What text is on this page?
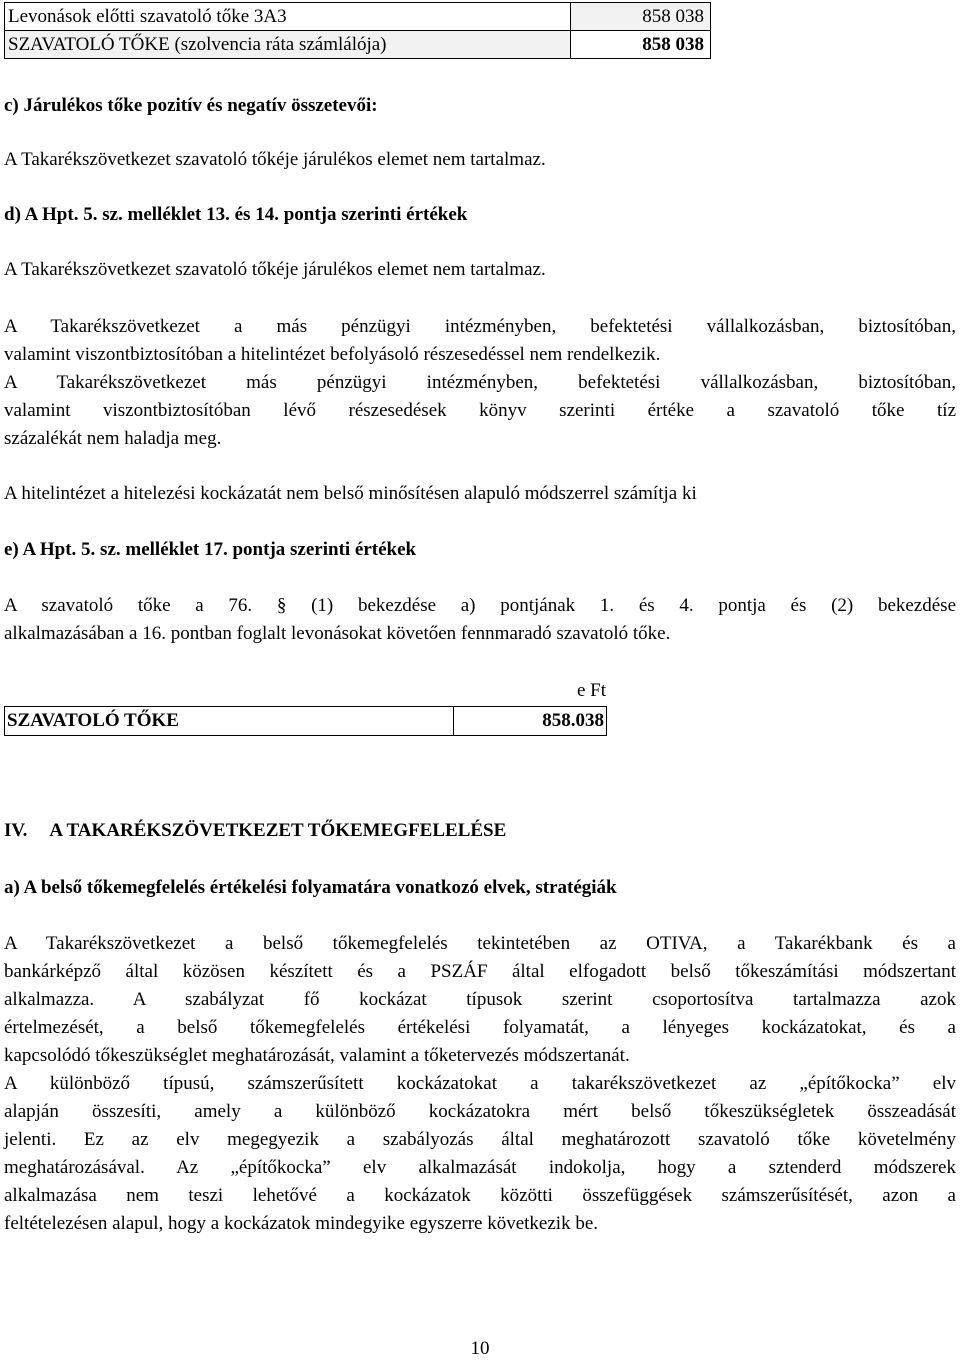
Levonások előtti szavatoló tőke 3A3	858 038
SZAVATOLÓ TŐKE (szolvencia ráta számlálója)	858 038
c) Járulékos tőke pozitív és negatív összetevői:
A Takarékszövetkezet szavatoló tőkéje járulékos elemet nem tartalmaz.
d) A Hpt. 5. sz. melléklet 13. és 14. pontja szerinti értékek
A Takarékszövetkezet szavatoló tőkéje járulékos elemet nem tartalmaz.
A Takarékszövetkezet a más pénzügyi intézményben, befektetési vállalkozásban, biztosítóban,
valamint viszontbiztosítóban a hitelintézet befolyásoló részesedéssel nem rendelkezik.
A Takarékszövetkezet más pénzügyi intézményben, befektetési vállalkozásban, biztosítóban,
valamint viszontbiztosítóban lévő részesedések könyv szerinti értéke a szavatoló tőke tíz
százalékát nem haladja meg.
A hitelintézet a hitelezési kockázatát nem belső minősítésen alapuló módszerrel számítja ki
e) A Hpt. 5. sz. melléklet 17. pontja szerinti értékek
A szavatoló tőke a 76. § (1) bekezdése a) pontjának 1. és 4. pontja és (2) bekezdése
alkalmazásában a 16. pontban foglalt levonásokat követően fennmaradó szavatoló tőke.
e Ft
SZAVATOLÓ TŐKE	858.038
IV. A TAKARÉKSZÖVETKEZET TŐKEMEGFELELÉSE
a) A belső tőkemegfelelés értékelési folyamatára vonatkozó elvek, stratégiák
A Takarékszövetkezet a belső tőkemegfelelés tekintetében az OTIVA, a Takarékbank és a
bankárképző által közösen készített és a PSZÁF által elfogadott belső tőkeszámítási módszertant
alkalmazza. A szabályzat fő kockázat típusok szerint csoportosítva tartalmazza azok
értelmezését, a belső tőkemegfelelés értékelési folyamatát, a lényeges kockázatokat, és a
kapcsolódó tőkeszükséglet meghatározását, valamint a tőketervezés módszertanát.
A különböző típusú, számszerűsített kockázatokat a takarékszövetkezet az „építőkocka” elv
alapján összesíti, amely a különböző kockázatokra mért belső tőkeszükségletek összeadását
jelenti. Ez az elv megegyezik a szabályozás által meghatározott szavatoló tőke követelmény
meghatározásával. Az „építőkocka” elv alkalmazását indokolja, hogy a sztenderd módszerek
alkalmazása nem teszi lehetővé a kockázatok közötti összefüggések számszerűsítését, azon a
feltételezésen alapul, hogy a kockázatok mindegyike egyszerre következik be.
10
